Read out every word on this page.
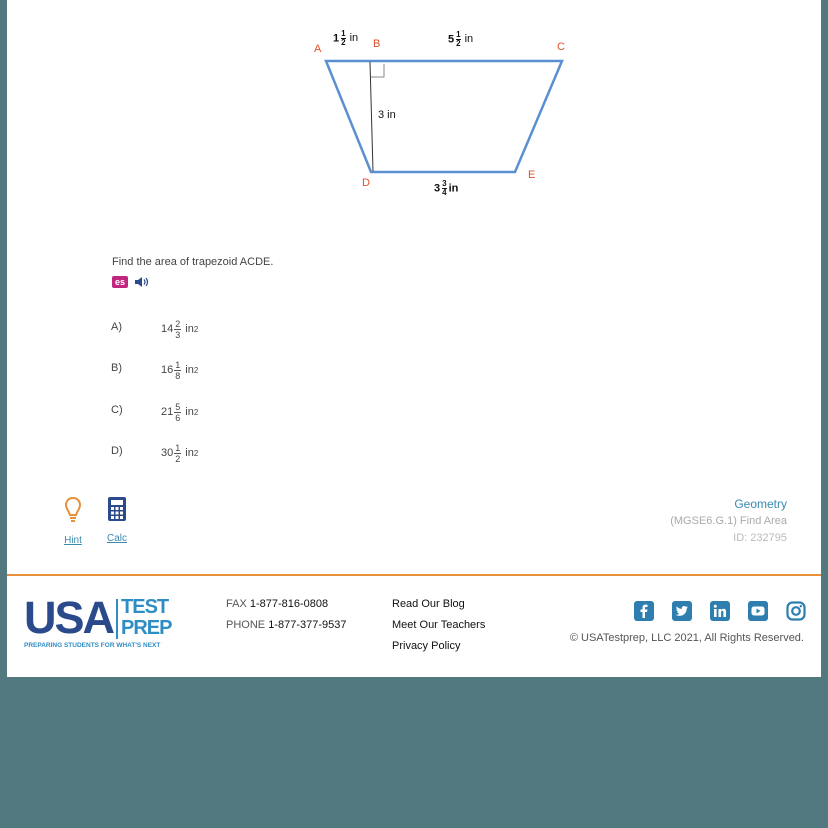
A	B	C
D
E
$1 \frac{1}{2}$ in	$5 \frac{1}{2}$ in
3 in
$3 \frac{3}{4}$ in
Find the area of trapezoid ACDE.
es
A)	$14 \frac{2}{3}$ in 2
B)	$16 \frac{1}{8}$ in 2
C)	$21 \frac{5}{6}$ in 2
D)	$30 \frac{1}{2}$ in 2
Hint	Calc
Geometry
(MGSE6.G.1) Find Area
ID: 232795
USA TEST
PREP
PREPARING STUDENTS FOR WHAT'S NEXT
FAX 1-877-816-0808
PHONE 1-877-377-9537
Read Our Blog
Meet Our Teachers
Privacy Policy
© USATestprep, LLC 2021, All Rights Reserved.
